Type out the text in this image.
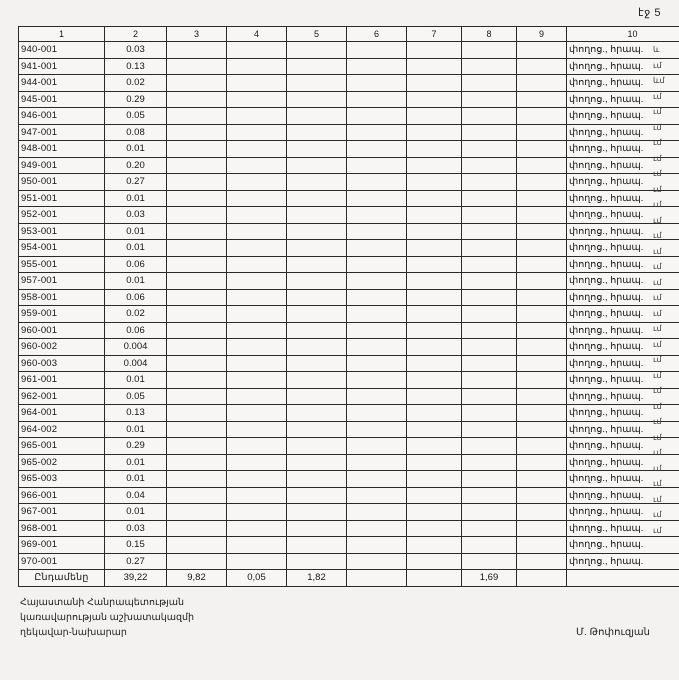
էջ 5
1	2	3	4	5	6	7	8	9	10
940-001	0.03								փողոց., հրապ.
941-001	0.13								փողոց., հրապ.
944-001	0.02								փողոց., հրապ.
945-001	0.29								փողոց., հրապ.
946-001	0.05								փողոց., հրապ.
947-001	0.08								փողոց., հրապ.
948-001	0.01								փողոց., հրապ.
949-001	0.20								փողոց., հրապ.
950-001	0.27								փողոց., հրապ.
951-001	0.01								փողոց., հրապ.
952-001	0.03								փողոց., հրապ.
953-001	0.01								փողոց., հրապ.
954-001	0.01								փողոց., հրապ.
955-001	0.06								փողոց., հրապ.
957-001	0.01								փողոց., հրապ.
958-001	0.06								փողոց., հրապ.
959-001	0.02								փողոց., հրապ.
960-001	0.06								փողոց., հրապ.
960-002	0.004								փողոց., հրապ.
960-003	0.004								փողոց., հրապ.
961-001	0.01								փողոց., հրապ.
962-001	0.05								փողոց., հրապ.
964-001	0.13								փողոց., հրապ.
964-002	0.01								փողոց., հրապ.
965-001	0.29								փողոց., հրապ.
965-002	0.01								փողոց., հրապ.
965-003	0.01								փողոց., հրապ.
966-001	0.04								փողոց., հրապ.
967-001	0.01								փողոց., հրապ.
968-001	0.03								փողոց., հրապ.
969-001	0.15								փողոց., հրապ.
970-001	0.27								փողոց., հրապ.
Ընդամենը	39,22	9,82	0,05	1,82			1,69		
և
ւմ
ևմ
ւմ
ւմ
ւմ
ւմ
ւմ
ւմ
ւմ
ւմ
ւմ
ւմ
ւմ
ւմ
ւմ
ւմ
ւմ
ւմ
ւմ
ւմ
ւմ
ւմ
ւմ
ւմ
ւմ
ւմ
ւմ
ւմ
ւմ
ւմ
ւմ
Հայաստանի Հանրապետության
կառավարության աշխատակազմի
ղեկավար-նախարար	Մ. Թոփուզյան
